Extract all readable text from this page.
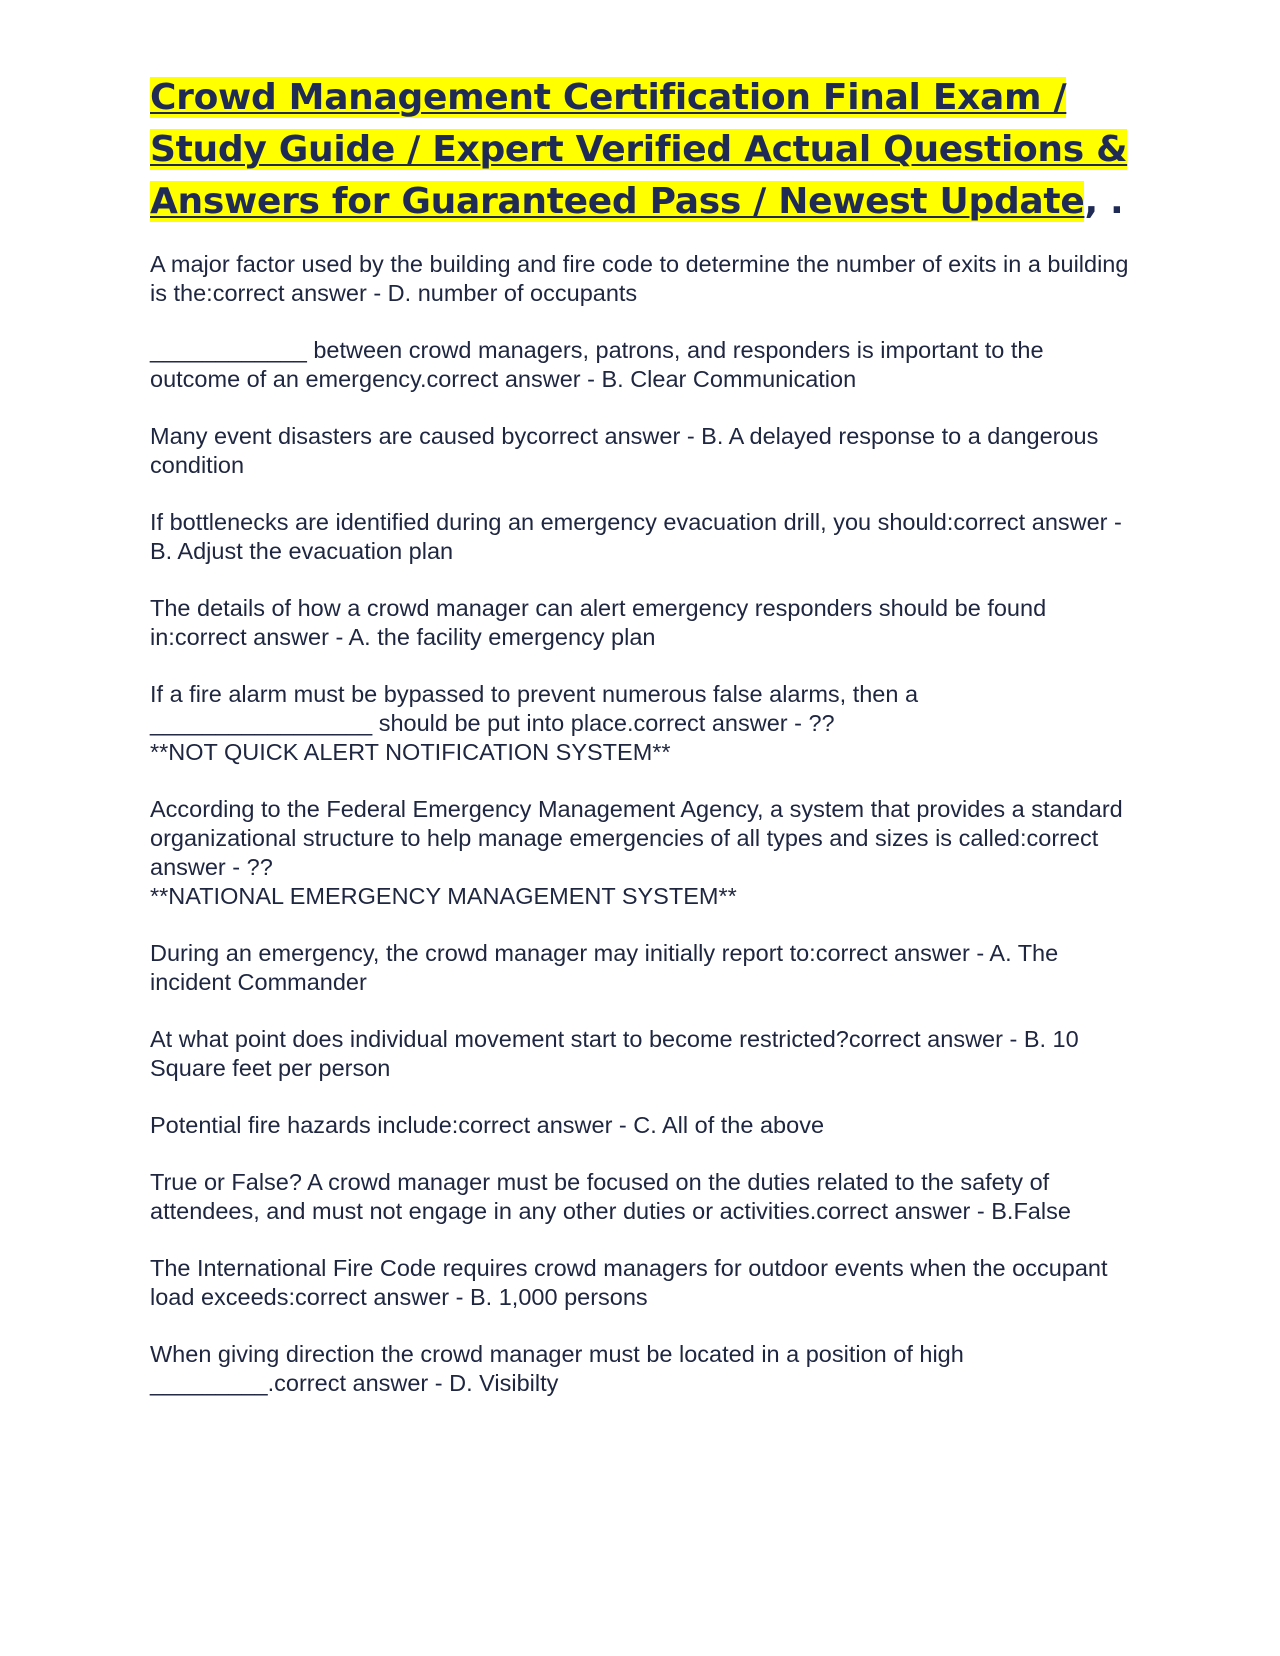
Crowd Management Certification Final Exam / Study Guide / Expert Verified Actual Questions & Answers for Guaranteed Pass / Newest Update, .

A major factor used by the building and fire code to determine the number of exits in a building is the:correct answer - D. number of occupants

____________ between crowd managers, patrons, and responders is important to the outcome of an emergency.correct answer - B. Clear Communication

Many event disasters are caused bycorrect answer - B. A delayed response to a dangerous condition

If bottlenecks are identified during an emergency evacuation drill, you should:correct answer - B. Adjust the evacuation plan

The details of how a crowd manager can alert emergency responders should be found in:correct answer - A. the facility emergency plan

If a fire alarm must be bypassed to prevent numerous false alarms, then a _________________ should be put into place.correct answer - ??
**NOT QUICK ALERT NOTIFICATION SYSTEM**

According to the Federal Emergency Management Agency, a system that provides a standard organizational structure to help manage emergencies of all types and sizes is called:correct answer - ??
**NATIONAL EMERGENCY MANAGEMENT SYSTEM**

During an emergency, the crowd manager may initially report to:correct answer - A. The incident Commander

At what point does individual movement start to become restricted?correct answer - B. 10 Square feet per person

Potential fire hazards include:correct answer - C. All of the above

True or False? A crowd manager must be focused on the duties related to the safety of attendees, and must not engage in any other duties or activities.correct answer - B.False

The International Fire Code requires crowd managers for outdoor events when the occupant load exceeds:correct answer - B. 1,000 persons

When giving direction the crowd manager must be located in a position of high _________.correct answer - D. Visibilty
